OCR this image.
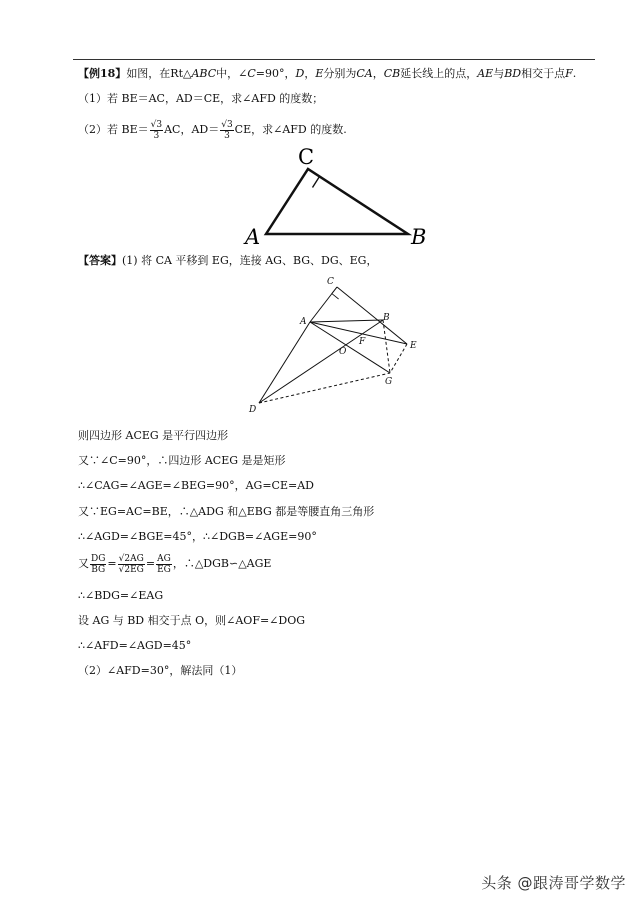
【例18】如图，在Rt△ABC中，∠C=90°，D，E分别为CA，CB延长线上的点，AE与BD相交于点F.
（1）若 BE＝AC，AD＝CE，求∠AFD 的度数；
（2）若 $BE= \frac{√3}{3}$ AC，$AD= \frac{√3}{3}$ CE，求∠AFD 的度数.
C
A	B
【答案】(1) 将 CA 平移到 EG，连接 AG、BG、DG、EG，
C
A	B
E
F
O
G
D
则四边形 ACEG 是平行四边形
又∵∠C=90°，∴四边形 ACEG 是是矩形
∴∠CAG=∠AGE=∠BEG=90°，AG=CE=AD
又∵EG=AC=BE，∴△ADG 和△EBG 都是等腰直角三角形
∴∠AGD=∠BGE=45°，∴∠DGB=∠AGE=90°
又 $\frac{DG}{BG} = \frac{√2AG}{√2EG} = \frac{AG}{EG}$ ，∴△DGB∽△AGE
∴∠BDG=∠EAG
设 AG 与 BD 相交于点 O，则∠AOF=∠DOG
∴∠AFD=∠AGD=45°
（2）∠AFD=30°，解法同（1）
头条 @跟涛哥学数学
